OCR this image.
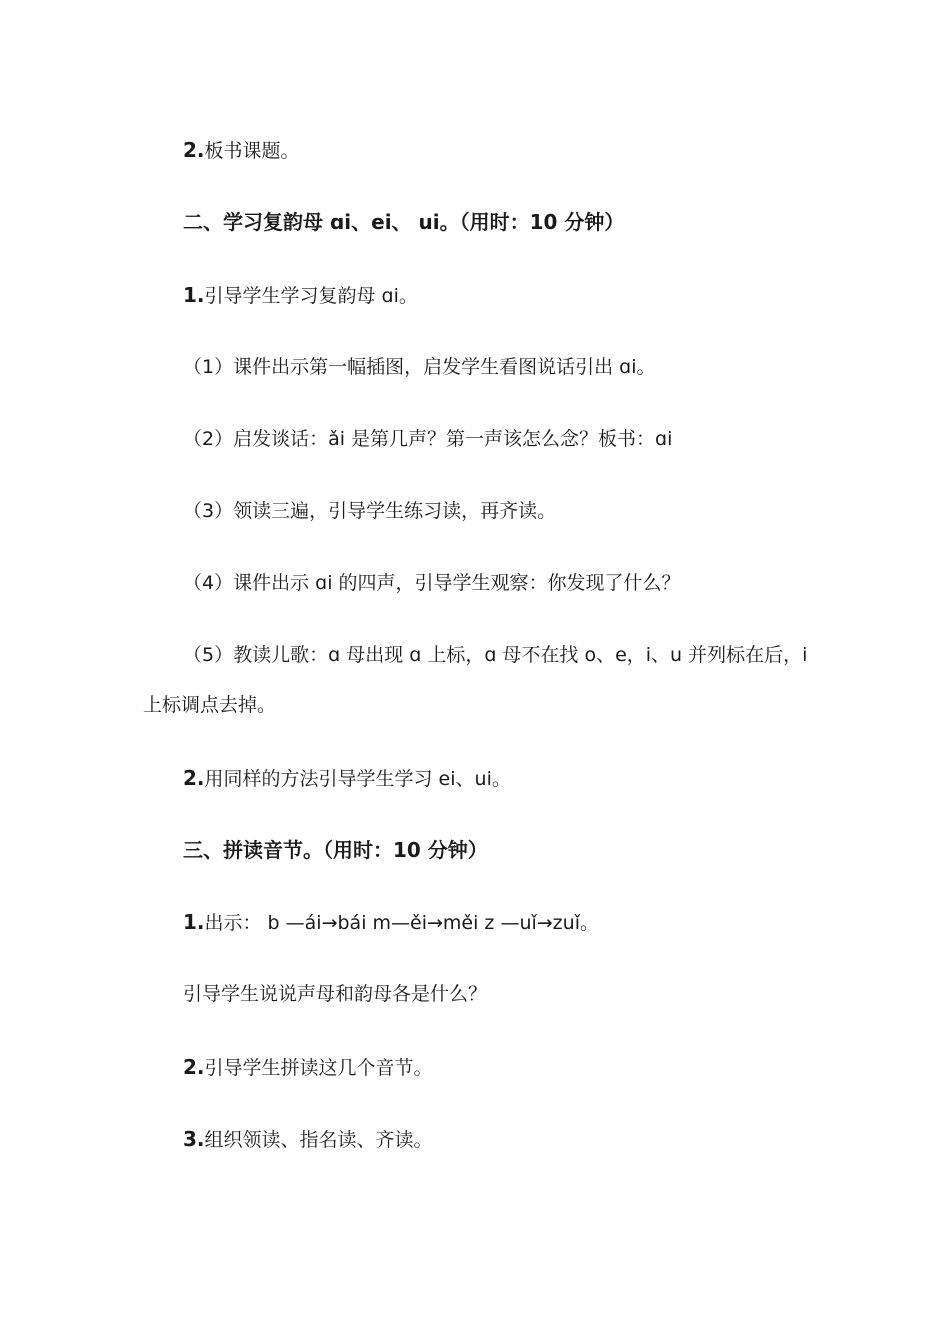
2.板书课题。
二、学习复韵母 ɑi、ei、 ui。（用时：10 分钟）
1.引导学生学习复韵母 ɑi。
（1）课件出示第一幅插图，启发学生看图说话引出 ɑi。
（2）启发谈话：ǎi 是第几声？第一声该怎么念？板书：ɑi
（3）领读三遍，引导学生练习读，再齐读。
（4）课件出示 ɑi 的四声，引导学生观察：你发现了什么？
（5）教读儿歌：ɑ 母出现 ɑ 上标，ɑ 母不在找 o、e，i、u 并列标在后，i
上标调点去掉。
2.用同样的方法引导学生学习 ei、ui。
三、拼读音节。（用时：10 分钟）
1.出示： b —ái→bái m—ěi→měi z —uǐ→zuǐ。
引导学生说说声母和韵母各是什么？
2.引导学生拼读这几个音节。
3.组织领读、指名读、齐读。
